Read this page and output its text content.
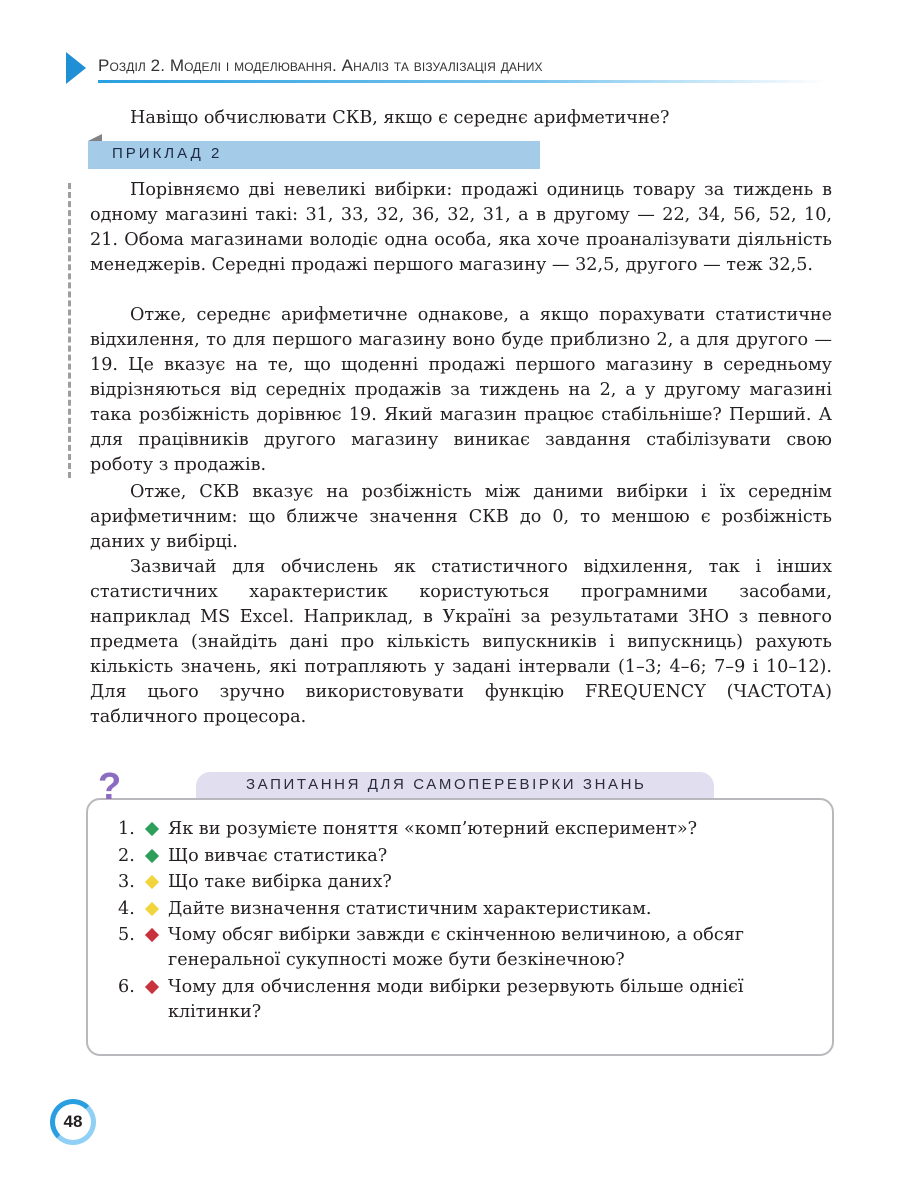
Розділ 2. Моделі і моделювання. Аналіз та візуалізація даних
Навіщо обчислювати СКВ, якщо є середнє арифметичне?
ПРИКЛАД 2

Порівняємо дві невеликі вибірки: продажі одиниць товару за тиждень в одному магазині такі: 31, 33, 32, 36, 32, 31, а в другому — 22, 34, 56, 52, 10, 21. Обома магазинами володіє одна особа, яка хоче проаналізувати діяльність менеджерів. Середні продажі першого магазину — 32,5, другого — теж 32,5.

Отже, середнє арифметичне однакове, а якщо порахувати статистичне відхилення, то для першого магазину воно буде приблизно 2, а для другого — 19. Це вказує на те, що щоденні продажі першого магазину в середньому відрізняються від середніх продажів за тиждень на 2, а у другому магазині така розбіжність дорівнює 19. Який магазин працює стабільніше? Перший. А для працівників другого магазину виникає завдання стабілізувати свою роботу з продажів.

Отже, СКВ вказує на розбіжність між даними вибірки і їх середнім арифметичним: що ближче значення СКВ до 0, то меншою є розбіжність даних у вибірці.

Зазвичай для обчислень як статистичного відхилення, так і інших статистичних характеристик користуються програмними засобами, наприклад MS Excel. Наприклад, в Україні за результатами ЗНО з певного предмета (знайдіть дані про кількість випускників і випускниць) рахують кількість значень, які потрапляють у задані інтервали (1–3; 4–6; 7–9 і 10–12). Для цього зручно використовувати функцію FREQUENCY (ЧАСТОТА) табличного процесора.

?	ЗАПИТАННЯ ДЛЯ САМОПЕРЕВІРКИ ЗНАНЬ
1. Як ви розумієте поняття «комп’ютерний експеримент»?
2. Що вивчає статистика?
3. Що таке вибірка даних?
4. Дайте визначення статистичним характеристикам.
5. Чому обсяг вибірки завжди є скінченною величиною, а обсяг генеральної сукупності може бути безкінечною?
6. Чому для обчислення моди вибірки резервують більше однієї клітинки?
48
